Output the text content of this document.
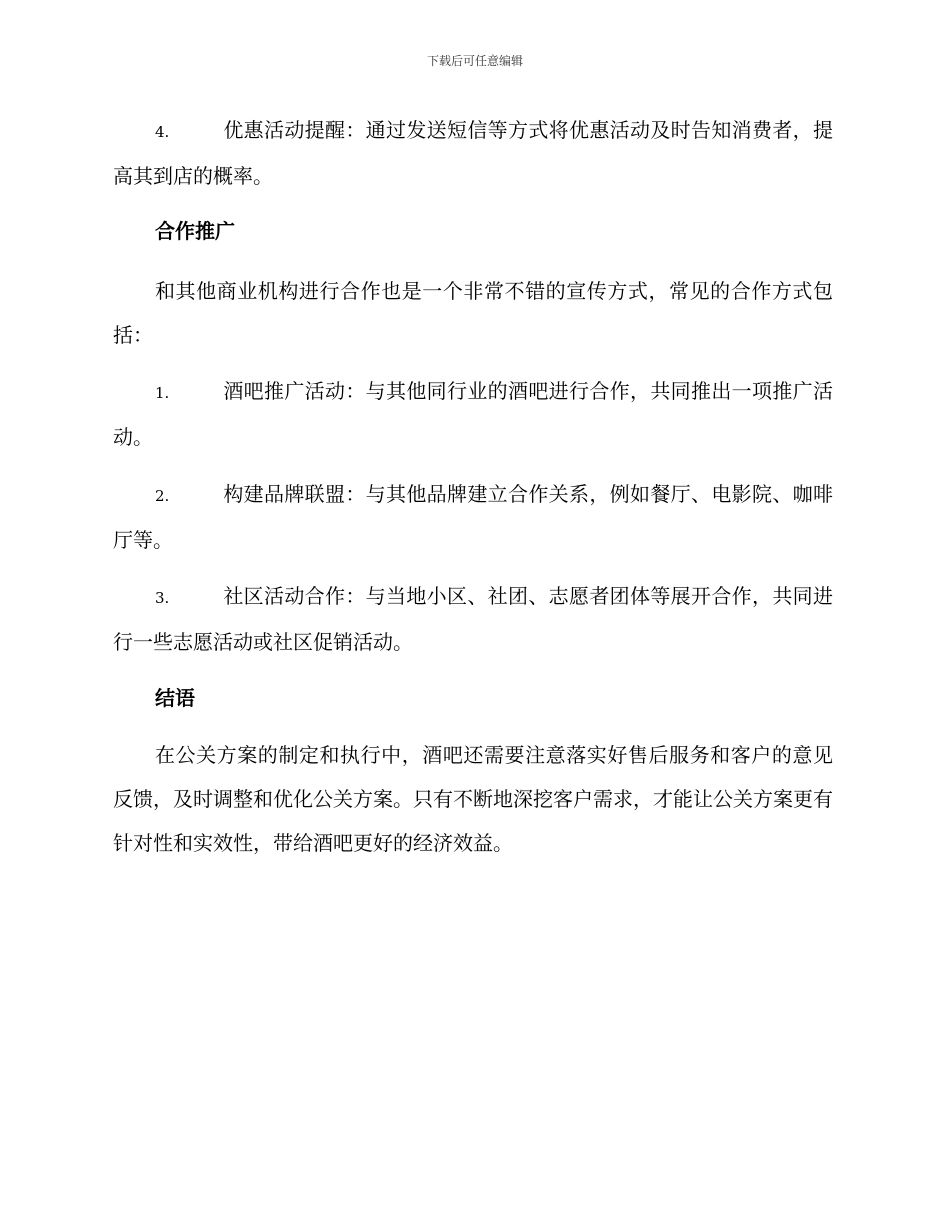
下载后可任意编辑

4.	优惠活动提醒：通过发送短信等方式将优惠活动及时告知消费者，提高其到店的概率。

合作推广

和其他商业机构进行合作也是一个非常不错的宣传方式，常见的合作方式包括：

1.	酒吧推广活动：与其他同行业的酒吧进行合作，共同推出一项推广活动。

2.	构建品牌联盟：与其他品牌建立合作关系，例如餐厅、电影院、咖啡厅等。

3.	社区活动合作：与当地小区、社团、志愿者团体等展开合作，共同进行一些志愿活动或社区促销活动。

结语

在公关方案的制定和执行中，酒吧还需要注意落实好售后服务和客户的意见反馈，及时调整和优化公关方案。只有不断地深挖客户需求，才能让公关方案更有针对性和实效性，带给酒吧更好的经济效益。
